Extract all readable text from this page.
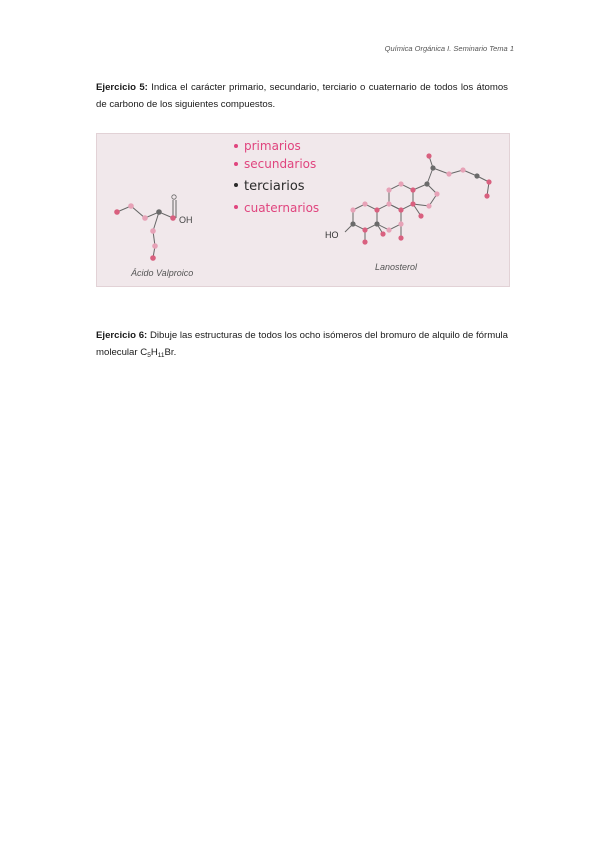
Química Orgánica I. Seminario Tema 1
Ejercicio 5: Indica el carácter primario, secundario, terciario o cuaternario de todos los átomos de carbono de los siguientes compuestos.
primarios
secundarios
terciarios
cuaternarios
OH
Ácido Valproico
HO
Lanosterol
Ejercicio 6: Dibuje las estructuras de todos los ocho isómeros del bromuro de alquilo de fórmula molecular $C_5H_{11}Br$.
